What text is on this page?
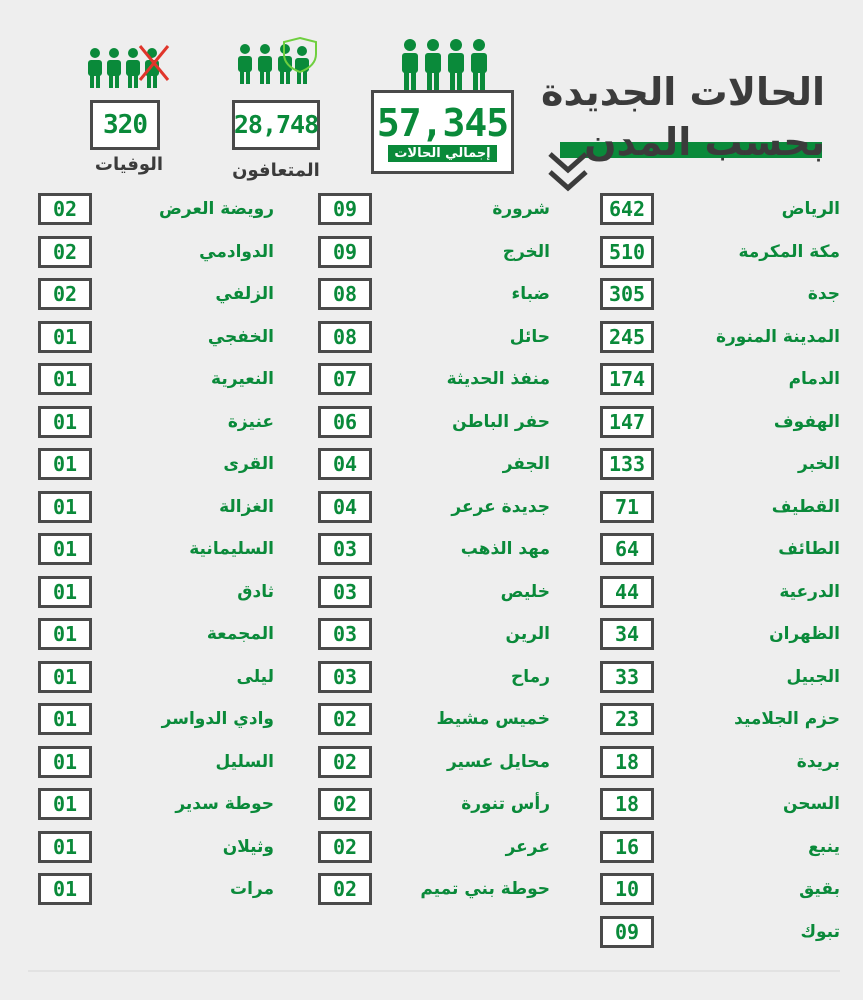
الحالات الجديدة
بحسب المدن
57,345
إجمالي الحالات
28,748
المتعافون
320
الوفيات
642	الرياض
510	مكة المكرمة
305	جدة
245	المدينة المنورة
174	الدمام
147	الهفوف
133	الخبر
71	القطيف
64	الطائف
44	الدرعية
34	الظهران
33	الجبيل
23	حزم الجلاميد
18	بريدة
18	السحن
16	ينبع
10	بقيق
09	تبوك
09	شرورة
09	الخرج
08	ضباء
08	حائل
07	منفذ الحديثة
06	حفر الباطن
04	الجفر
04	جديدة عرعر
03	مهد الذهب
03	خليص
03	الرين
03	رماح
02	خميس مشيط
02	محايل عسير
02	رأس تنورة
02	عرعر
02	حوطة بني تميم
02	رويضة العرض
02	الدوادمي
02	الزلفي
01	الخفجي
01	النعيرية
01	عنيزة
01	القرى
01	الغزالة
01	السليمانية
01	ثادق
01	المجمعة
01	ليلى
01	وادي الدواسر
01	السليل
01	حوطة سدير
01	وثيلان
01	مرات
